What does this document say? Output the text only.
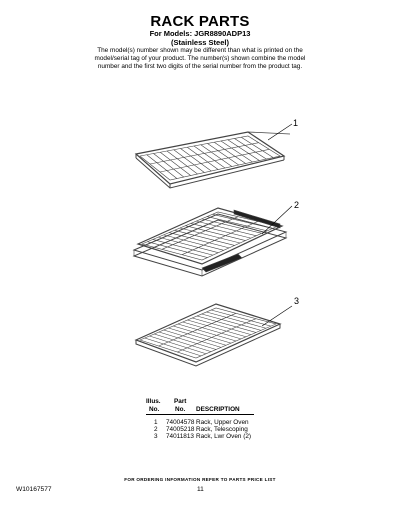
RACK PARTS
For Models: JGR8890ADP13
(Stainless Steel)
The model(s) number shown may be different than what is printed on the model/serial tag of your product. The number(s) shown combine the model number and the first two digits of the serial number from the product tag.
1
2
3
Illus.
No.
Part
No. DESCRIPTION
1 74004578 Rack, Upper Oven
2 74005218 Rack, Telescoping
3 74011813 Rack, Lwr Oven (2)
FOR ORDERING INFORMATION REFER TO PARTS PRICE LIST
W10167577	11
